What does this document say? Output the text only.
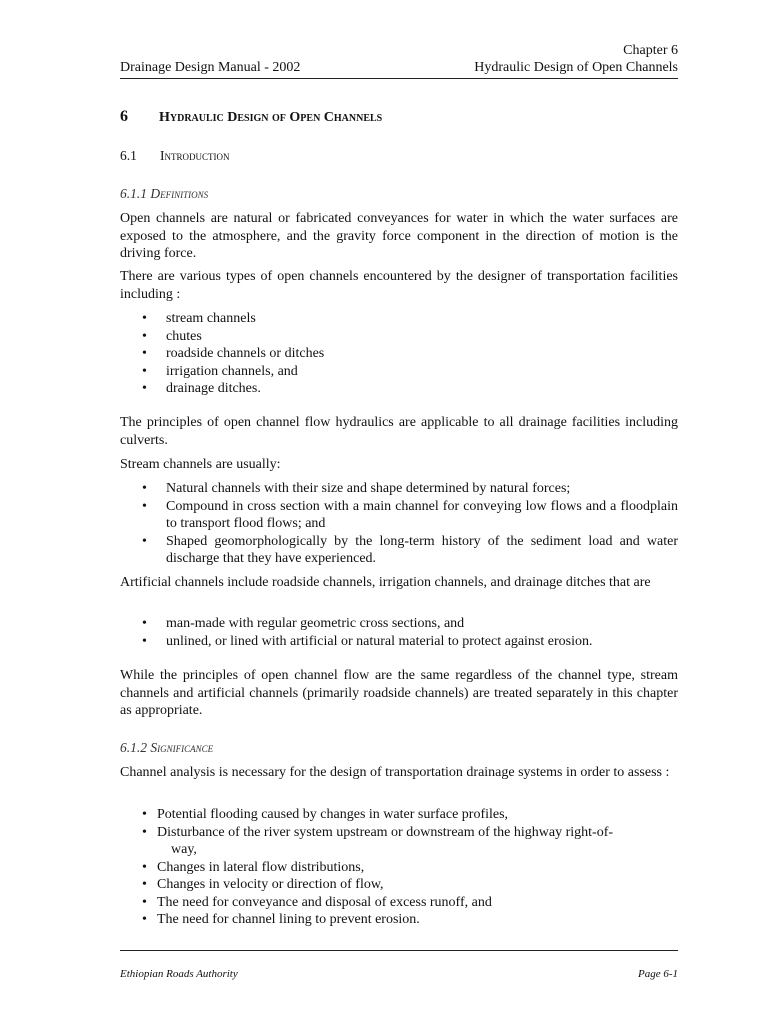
Chapter 6
Drainage Design Manual - 2002	Hydraulic Design of Open Channels
6 Hydraulic Design of Open Channels
6.1 Introduction
6.1.1 Definitions
Open channels are natural or fabricated conveyances for water in which the water surfaces are exposed to the atmosphere, and the gravity force component in the direction of motion is the driving force.
There are various types of open channels encountered by the designer of transportation facilities including :
• stream channels
• chutes
• roadside channels or ditches
• irrigation channels, and
• drainage ditches.
The principles of open channel flow hydraulics are applicable to all drainage facilities including culverts.
Stream channels are usually:
• Natural channels with their size and shape determined by natural forces;
• Compound in cross section with a main channel for conveying low flows and a floodplain to transport flood flows; and
• Shaped geomorphologically by the long-term history of the sediment load and water discharge that they have experienced.
Artificial channels include roadside channels, irrigation channels, and drainage ditches that are
• man-made with regular geometric cross sections, and
• unlined, or lined with artificial or natural material to protect against erosion.
While the principles of open channel flow are the same regardless of the channel type, stream channels and artificial channels (primarily roadside channels) are treated separately in this chapter as appropriate.
6.1.2 Significance
Channel analysis is necessary for the design of transportation drainage systems in order to assess :
• Potential flooding caused by changes in water surface profiles,
• Disturbance of the river system upstream or downstream of the highway right-of-
way,
• Changes in lateral flow distributions,
• Changes in velocity or direction of flow,
• The need for conveyance and disposal of excess runoff, and
• The need for channel lining to prevent erosion.
Ethiopian Roads Authority	Page 6-1
